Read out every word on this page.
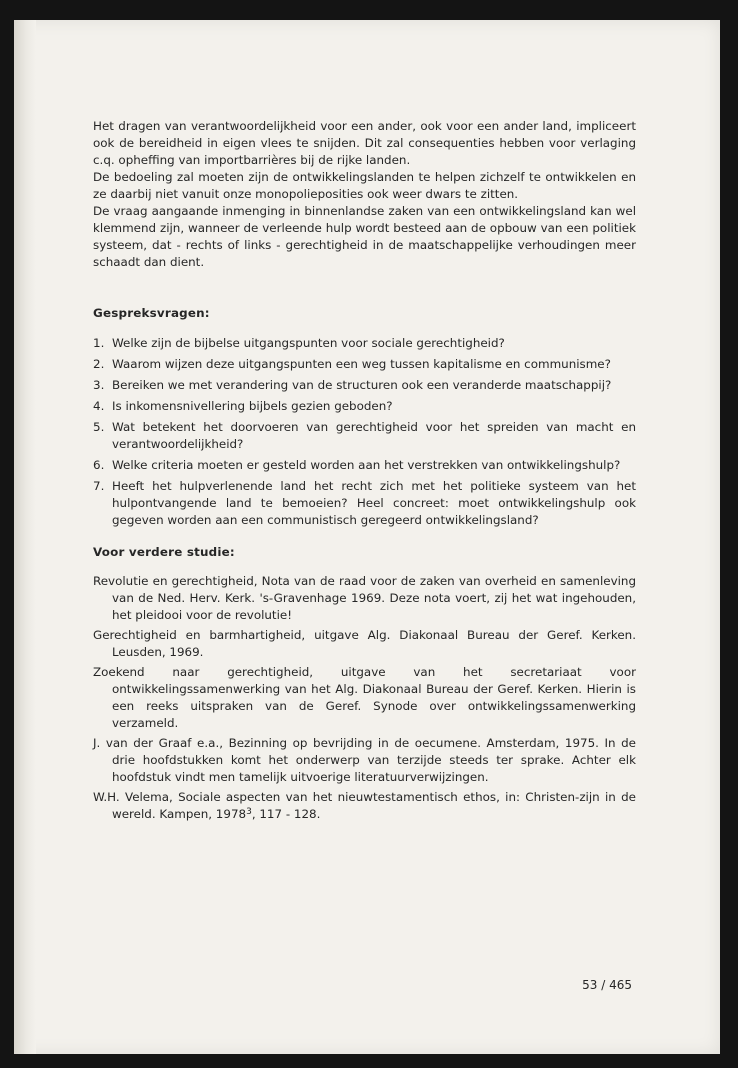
Het dragen van verantwoordelijkheid voor een ander, ook voor een ander land, impliceert ook de bereidheid in eigen vlees te snijden. Dit zal consequenties hebben voor verlaging c.q. opheffing van importbarrières bij de rijke landen.

De bedoeling zal moeten zijn de ontwikkelingslanden te helpen zichzelf te ontwikkelen en ze daarbij niet vanuit onze monopolieposities ook weer dwars te zitten.

De vraag aangaande inmenging in binnenlandse zaken van een ontwikkelingsland kan wel klemmend zijn, wanneer de verleende hulp wordt besteed aan de opbouw van een politiek systeem, dat - rechts of links - gerechtigheid in de maatschappelijke verhoudingen meer schaadt dan dient.

Gespreksvragen:
1. Welke zijn de bijbelse uitgangspunten voor sociale gerechtigheid?
2. Waarom wijzen deze uitgangspunten een weg tussen kapitalisme en communisme?
3. Bereiken we met verandering van de structuren ook een veranderde maatschappij?
4. Is inkomensnivellering bijbels gezien geboden?
5. Wat betekent het doorvoeren van gerechtigheid voor het spreiden van macht en verantwoordelijkheid?
6. Welke criteria moeten er gesteld worden aan het verstrekken van ontwikkelingshulp?
7. Heeft het hulpverlenende land het recht zich met het politieke systeem van het hulpontvangende land te bemoeien? Heel concreet: moet ontwikkelingshulp ook gegeven worden aan een communistisch geregeerd ontwikkelingsland?
Voor verdere studie:
Revolutie en gerechtigheid, Nota van de raad voor de zaken van overheid en samenleving van de Ned. Herv. Kerk. 's-Gravenhage 1969. Deze nota voert, zij het wat ingehouden, het pleidooi voor de revolutie!
Gerechtigheid en barmhartigheid, uitgave Alg. Diakonaal Bureau der Geref. Kerken. Leusden, 1969.
Zoekend naar gerechtigheid, uitgave van het secretariaat voor ontwikkelingssamenwerking van het Alg. Diakonaal Bureau der Geref. Kerken. Hierin is een reeks uitspraken van de Geref. Synode over ontwikkelingssamenwerking verzameld.
J. van der Graaf e.a., Bezinning op bevrijding in de oecumene. Amsterdam, 1975. In de drie hoofdstukken komt het onderwerp van terzijde steeds ter sprake. Achter elk hoofdstuk vindt men tamelijk uitvoerige literatuurverwijzingen.
W.H. Velema, Sociale aspecten van het nieuwtestamentisch ethos, in: Christen-zijn in de wereld. Kampen, 1978$^3$, 117 - 128.
53 / 465
